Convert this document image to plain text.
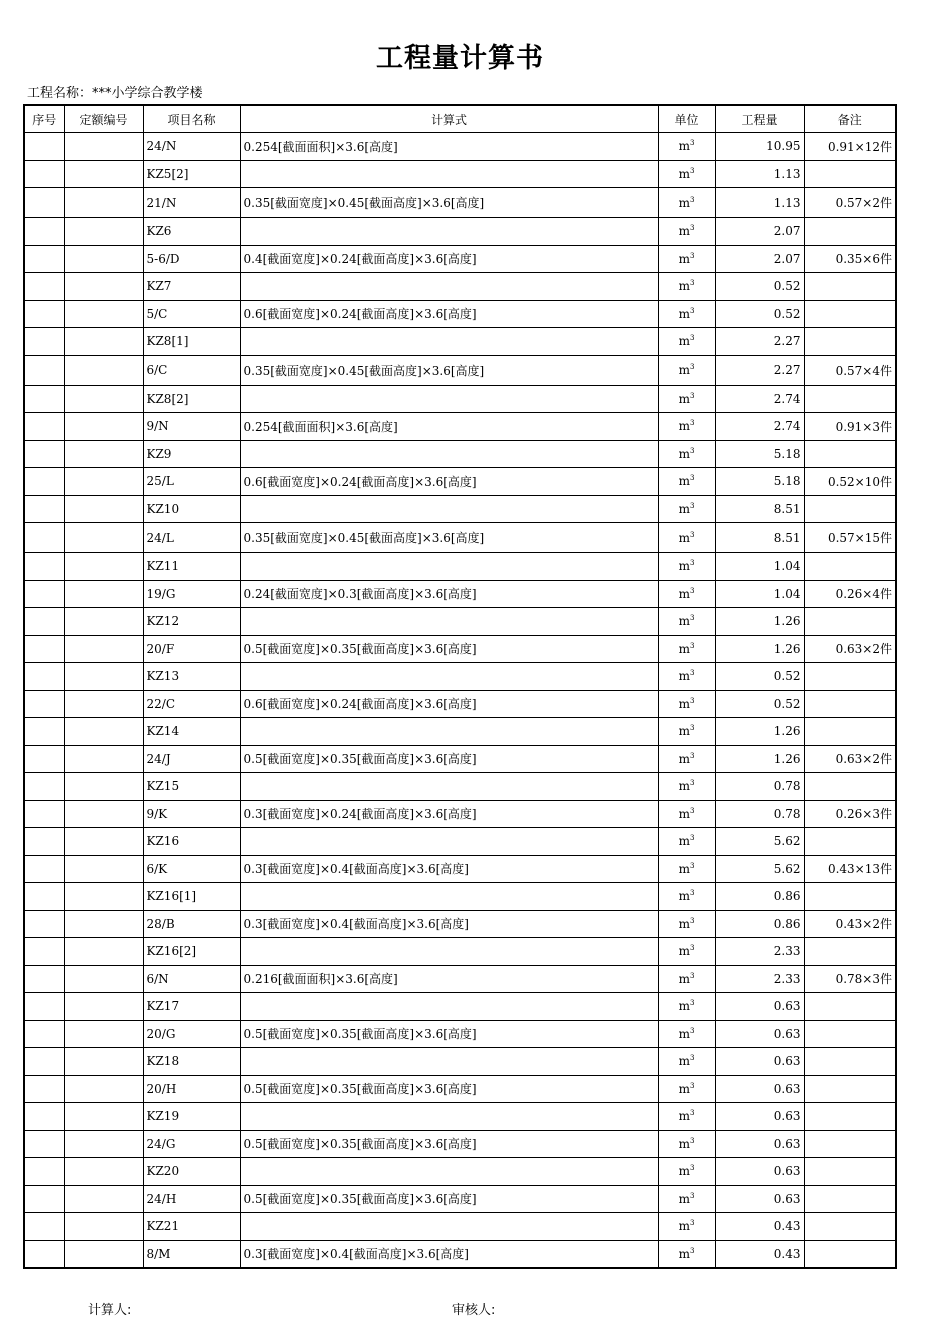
工程量计算书
工程名称：***小学综合教学楼
序号	定额编号	项目名称	计算式	单位	工程量	备注
		24/N	0.254[截面面积]×3.6[高度]	$m^3$	10.95	0.91×12件
		KZ5[2]		$m^3$	1.13	
		21/N	0.35[截面宽度]×0.45[截面高度]×3.6[高度]	$m^3$	1.13	0.57×2件
		KZ6		$m^3$	2.07	
		5-6/D	0.4[截面宽度]×0.24[截面高度]×3.6[高度]	$m^3$	2.07	0.35×6件
		KZ7		$m^3$	0.52	
		5/C	0.6[截面宽度]×0.24[截面高度]×3.6[高度]	$m^3$	0.52	
		KZ8[1]		$m^3$	2.27	
		6/C	0.35[截面宽度]×0.45[截面高度]×3.6[高度]	$m^3$	2.27	0.57×4件
		KZ8[2]		$m^3$	2.74	
		9/N	0.254[截面面积]×3.6[高度]	$m^3$	2.74	0.91×3件
		KZ9		$m^3$	5.18	
		25/L	0.6[截面宽度]×0.24[截面高度]×3.6[高度]	$m^3$	5.18	0.52×10件
		KZ10		$m^3$	8.51	
		24/L	0.35[截面宽度]×0.45[截面高度]×3.6[高度]	$m^3$	8.51	0.57×15件
		KZ11		$m^3$	1.04	
		19/G	0.24[截面宽度]×0.3[截面高度]×3.6[高度]	$m^3$	1.04	0.26×4件
		KZ12		$m^3$	1.26	
		20/F	0.5[截面宽度]×0.35[截面高度]×3.6[高度]	$m^3$	1.26	0.63×2件
		KZ13		$m^3$	0.52	
		22/C	0.6[截面宽度]×0.24[截面高度]×3.6[高度]	$m^3$	0.52	
		KZ14		$m^3$	1.26	
		24/J	0.5[截面宽度]×0.35[截面高度]×3.6[高度]	$m^3$	1.26	0.63×2件
		KZ15		$m^3$	0.78	
		9/K	0.3[截面宽度]×0.24[截面高度]×3.6[高度]	$m^3$	0.78	0.26×3件
		KZ16		$m^3$	5.62	
		6/K	0.3[截面宽度]×0.4[截面高度]×3.6[高度]	$m^3$	5.62	0.43×13件
		KZ16[1]		$m^3$	0.86	
		28/B	0.3[截面宽度]×0.4[截面高度]×3.6[高度]	$m^3$	0.86	0.43×2件
		KZ16[2]		$m^3$	2.33	
		6/N	0.216[截面面积]×3.6[高度]	$m^3$	2.33	0.78×3件
		KZ17		$m^3$	0.63	
		20/G	0.5[截面宽度]×0.35[截面高度]×3.6[高度]	$m^3$	0.63	
		KZ18		$m^3$	0.63	
		20/H	0.5[截面宽度]×0.35[截面高度]×3.6[高度]	$m^3$	0.63	
		KZ19		$m^3$	0.63	
		24/G	0.5[截面宽度]×0.35[截面高度]×3.6[高度]	$m^3$	0.63	
		KZ20		$m^3$	0.63	
		24/H	0.5[截面宽度]×0.35[截面高度]×3.6[高度]	$m^3$	0.63	
		KZ21		$m^3$	0.43	
		8/M	0.3[截面宽度]×0.4[截面高度]×3.6[高度]	$m^3$	0.43	
计算人:	审核人:
